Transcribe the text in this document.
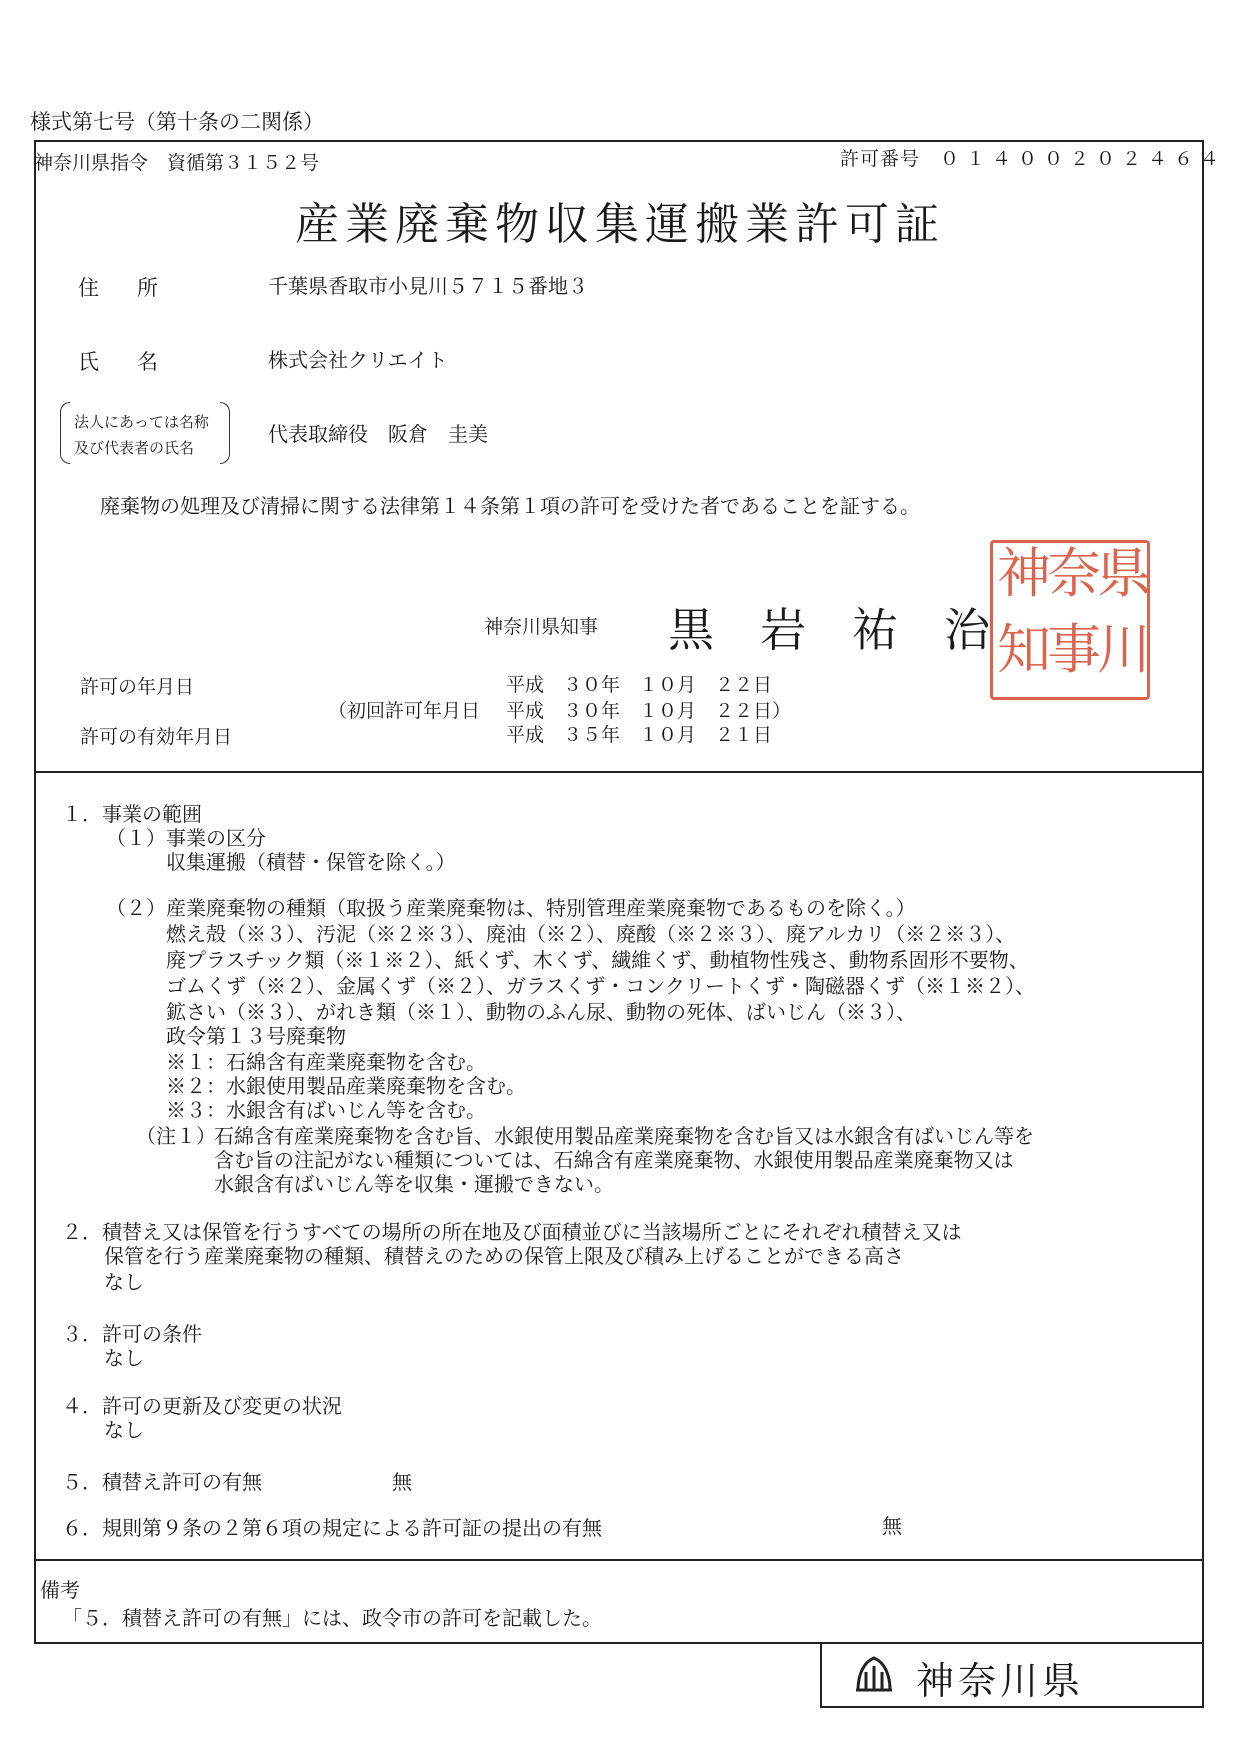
様式第七号（第十条の二関係）
神奈川県指令　資循第３１５２号	許可番号 ０１４００２０２４６４
産業廃棄物収集運搬業許可証
住所	千葉県香取市小見川５７１５番地３
氏名	株式会社クリエイト
法人にあっては名称
及び代表者の氏名
代表取締役　阪倉　圭美
廃棄物の処理及び清掃に関する法律第１４条第１項の許可を受けた者であることを証する。
神奈川県知事 黒　岩　祐　治
神
知
奈
事
県
川
許可の年月日	平成　３０年　１０月　２２日
（初回許可年月日 平成　３０年　１０月　２２日）
許可の有効年月日	平成　３５年　１０月　２１日
１．事業の範囲
（１）事業の区分
収集運搬（積替・保管を除く。）
（２）産業廃棄物の種類（取扱う産業廃棄物は、特別管理産業廃棄物であるものを除く。）
燃え殻（※３）、汚泥（※２※３）、廃油（※２）、廃酸（※２※３）、廃アルカリ（※２※３）、
廃プラスチック類（※１※２）、紙くず、木くず、繊維くず、動植物性残さ、動物系固形不要物、
ゴムくず（※２）、金属くず（※２）、ガラスくず・コンクリートくず・陶磁器くず（※１※２）、
鉱さい（※３）、がれき類（※１）、動物のふん尿、動物の死体、ばいじん（※３）、
政令第１３号廃棄物
※１：石綿含有産業廃棄物を含む。
※２：水銀使用製品産業廃棄物を含む。
※３：水銀含有ばいじん等を含む。
（注１）
石綿含有産業廃棄物を含む旨、水銀使用製品産業廃棄物を含む旨又は水銀含有ばいじん等を
含む旨の注記がない種類については、石綿含有産業廃棄物、水銀使用製品産業廃棄物又は
水銀含有ばいじん等を収集・運搬できない。
２．積替え又は保管を行うすべての場所の所在地及び面積並びに当該場所ごとにそれぞれ積替え又は
保管を行う産業廃棄物の種類、積替えのための保管上限及び積み上げることができる高さ
なし
３．許可の条件
なし
４．許可の更新及び変更の状況
なし
５．積替え許可の有無	無
６．規則第９条の２第６項の規定による許可証の提出の有無	無
備考
「５．積替え許可の有無」には、政令市の許可を記載した。
神奈川県
